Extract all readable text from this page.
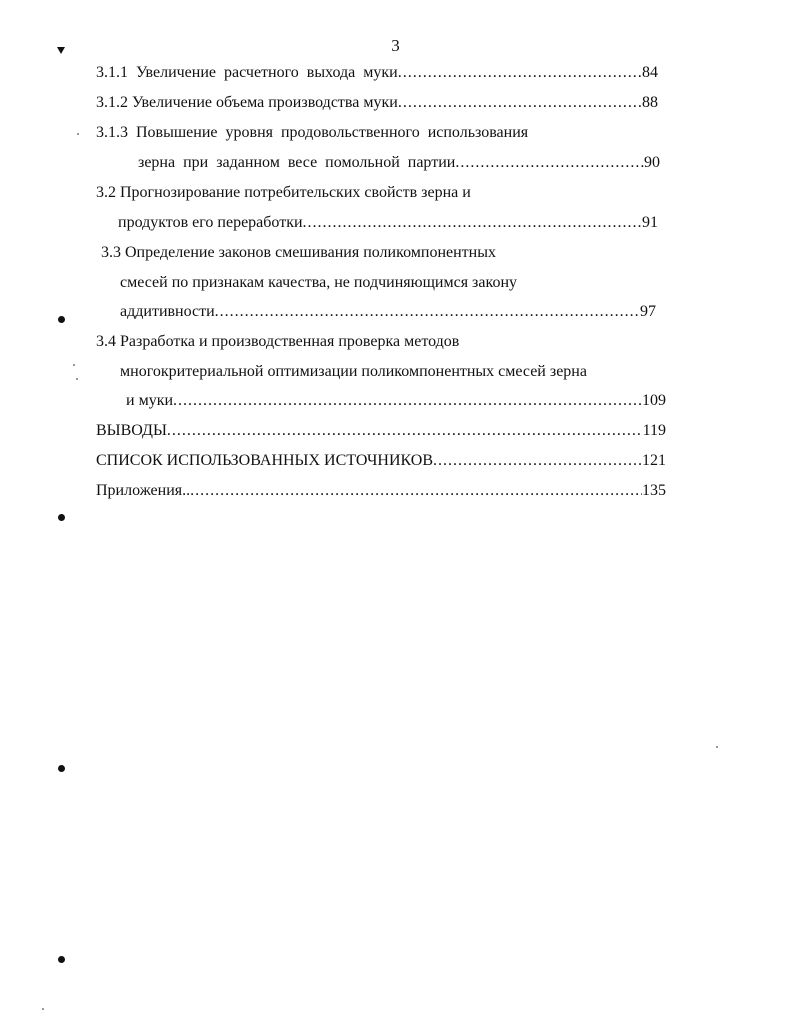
3
3.1.1 Увеличение расчетного выхода муки .....	84
3.1.2 Увеличение объема производства муки .....	88
3.1.3 Повышение уровня продовольственного использования
зерна при заданном весе помольной партии .....	90
3.2 Прогнозирование потребительских свойств зерна и
продуктов его переработки .....	91
3.3 Определение законов смешивания поликомпонентных
смесей по признакам качества, не подчиняющимся закону
аддитивности .....	97
3.4 Разработка и производственная проверка методов
многокритериальной оптимизации поликомпонентных смесей зерна
и муки .....	109
ВЫВОДЫ .....	119
СПИСОК ИСПОЛЬЗОВАННЫХ ИСТОЧНИКОВ .....	121
Приложения.. .....	135
